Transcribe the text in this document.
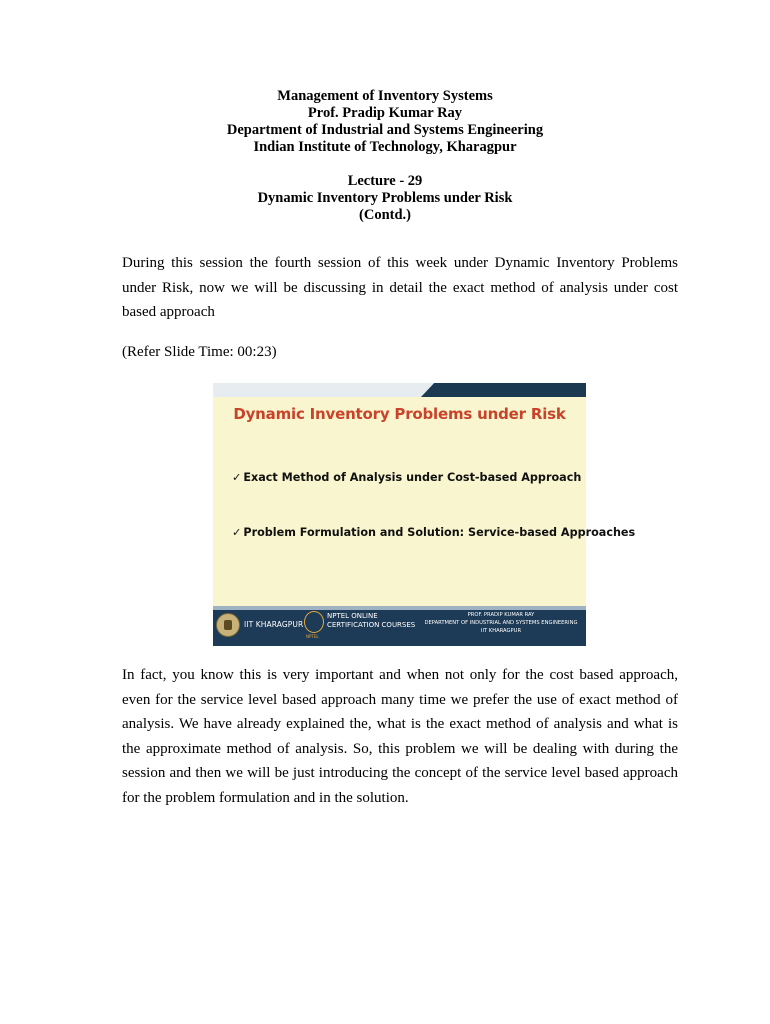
Management of Inventory Systems
Prof. Pradip Kumar Ray
Department of Industrial and Systems Engineering
Indian Institute of Technology, Kharagpur
Lecture - 29
Dynamic Inventory Problems under Risk
(Contd.)

During this session the fourth session of this week under Dynamic Inventory Problems under Risk, now we will be discussing in detail the exact method of analysis under cost based approach

(Refer Slide Time: 00:23)

Dynamic Inventory Problems under Risk
✓ Exact Method of Analysis under Cost-based Approach
✓ Problem Formulation and Solution: Service-based Approaches
IIT KHARAGPUR
NPTEL
NPTEL ONLINE
CERTIFICATION COURSES
PROF. PRADIP KUMAR RAY
DEPARTMENT OF INDUSTRIAL AND SYSTEMS ENGINEERING
IIT KHARAGPUR

In fact, you know this is very important and when not only for the cost based approach, even for the service level based approach many time we prefer the use of exact method of analysis. We have already explained the, what is the exact method of analysis and what is the approximate method of analysis. So, this problem we will be dealing with during the session and then we will be just introducing the concept of the service level based approach for the problem formulation and in the solution.
